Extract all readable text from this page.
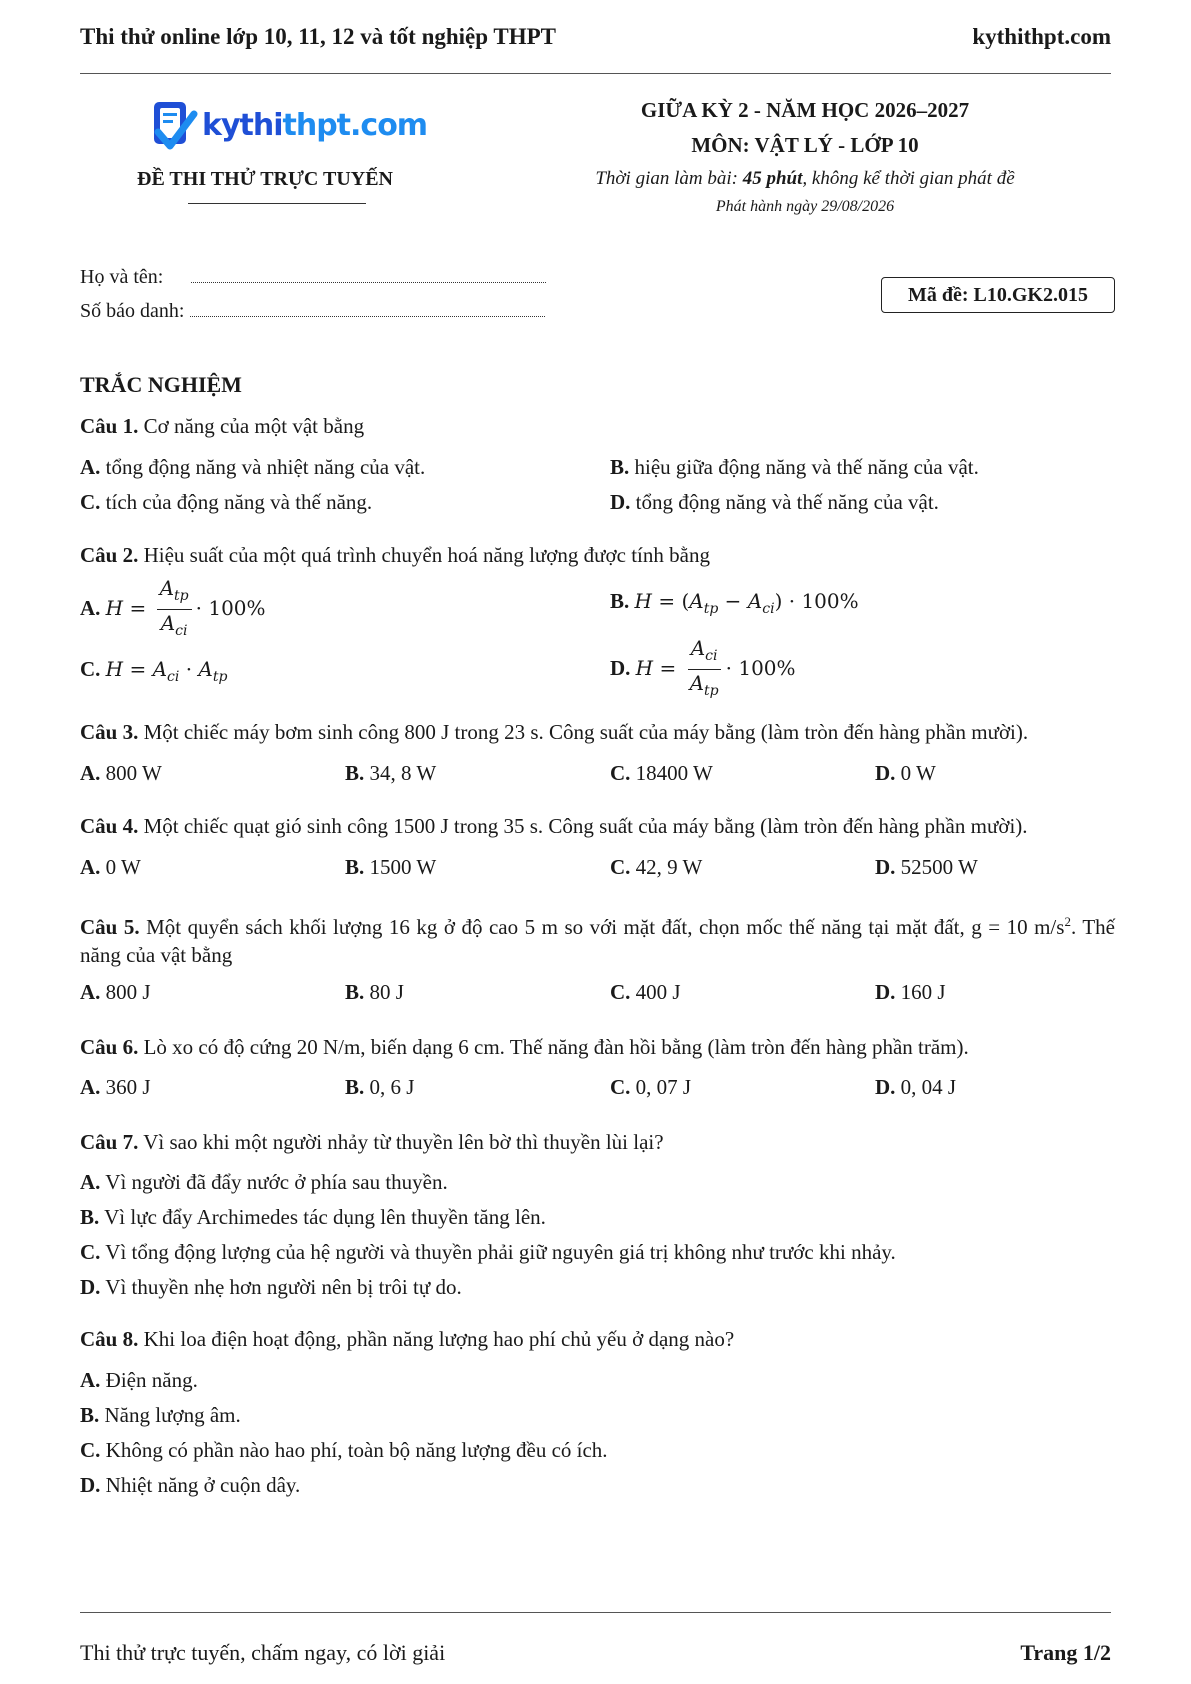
Thi thử online lớp 10, 11, 12 và tốt nghiệp THPT	kythithpt.com
kythithpt.com
ĐỀ THI THỬ TRỰC TUYẾN
GIỮA KỲ 2 - NĂM HỌC 2026–2027
MÔN: VẬT LÝ - LỚP 10
Thời gian làm bài: 45 phút, không kể thời gian phát đề
Phát hành ngày 29/08/2026
Họ và tên:
Số báo danh:
Mã đề: L10.GK2.015
TRẮC NGHIỆM
Câu 1. Cơ năng của một vật bằng
A. tổng động năng và nhiệt năng của vật.	B. hiệu giữa động năng và thế năng của vật.
C. tích của động năng và thế năng.	D. tổng động năng và thế năng của vật.
Câu 2. Hiệu suất của một quá trình chuyển hoá năng lượng được tính bằng
A. $H = \frac{A_{tp}}{A_{ci}} \cdot 100\%$	B. $H = (A_{tp} - A_{ci}) \cdot 100\%$
C. $H = A_{ci} \cdot A_{tp}$	D. $H = \frac{A_{ci}}{A_{tp}} \cdot 100\%$
Câu 3. Một chiếc máy bơm sinh công 800 J trong 23 s. Công suất của máy bằng (làm tròn đến hàng phần mười).
A. 800 W	B. 34, 8 W	C. 18400 W	D. 0 W
Câu 4. Một chiếc quạt gió sinh công 1500 J trong 35 s. Công suất của máy bằng (làm tròn đến hàng phần mười).
A. 0 W	B. 1500 W	C. 42, 9 W	D. 52500 W
Câu 5. Một quyển sách khối lượng 16 kg ở độ cao 5 m so với mặt đất, chọn mốc thế năng tại mặt đất, g = 10 $m/s^2$. Thế năng của vật bằng
A. 800 J	B. 80 J	C. 400 J	D. 160 J
Câu 6. Lò xo có độ cứng 20 N/m, biến dạng 6 cm. Thế năng đàn hồi bằng (làm tròn đến hàng phần trăm).
A. 360 J	B. 0, 6 J	C. 0, 07 J	D. 0, 04 J
Câu 7. Vì sao khi một người nhảy từ thuyền lên bờ thì thuyền lùi lại?
A. Vì người đã đẩy nước ở phía sau thuyền.
B. Vì lực đẩy Archimedes tác dụng lên thuyền tăng lên.
C. Vì tổng động lượng của hệ người và thuyền phải giữ nguyên giá trị không như trước khi nhảy.
D. Vì thuyền nhẹ hơn người nên bị trôi tự do.
Câu 8. Khi loa điện hoạt động, phần năng lượng hao phí chủ yếu ở dạng nào?
A. Điện năng.
B. Năng lượng âm.
C. Không có phần nào hao phí, toàn bộ năng lượng đều có ích.
D. Nhiệt năng ở cuộn dây.
Thi thử trực tuyến, chấm ngay, có lời giải	Trang 1/2
